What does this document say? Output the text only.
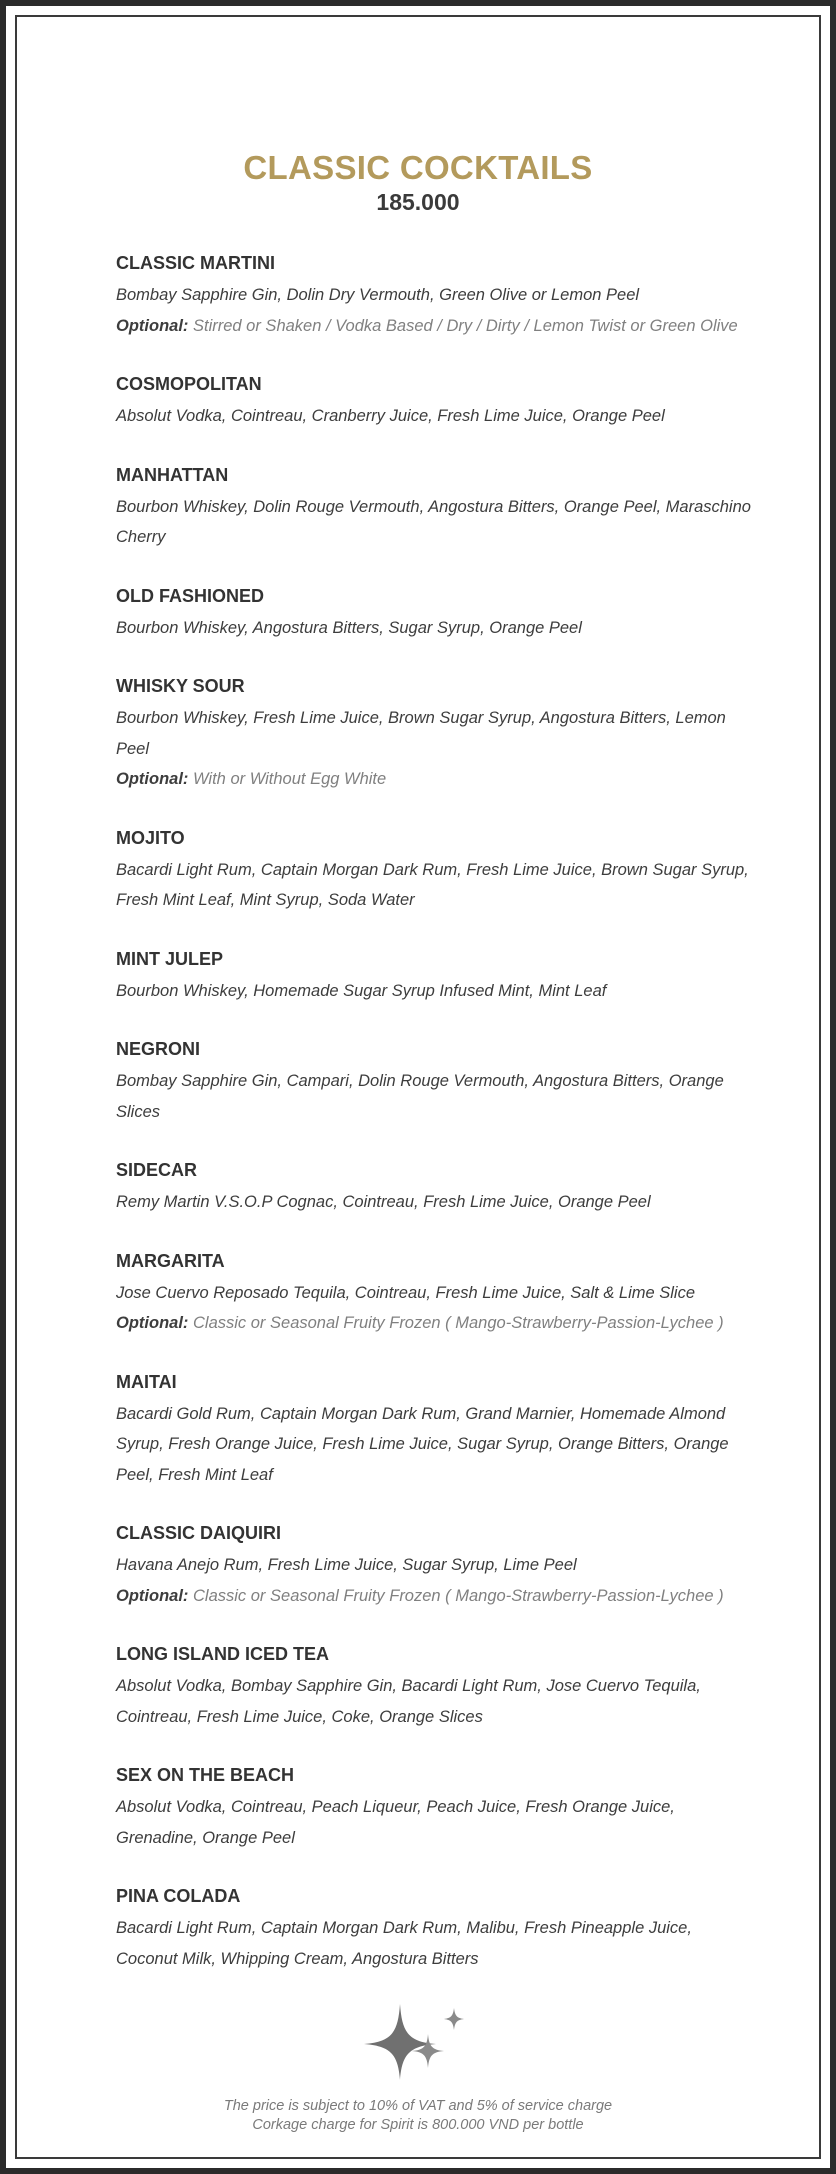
CLASSIC COCKTAILS
185.000
CLASSIC MARTINI
Bombay Sapphire Gin, Dolin Dry Vermouth, Green Olive or Lemon Peel
Optional: Stirred or Shaken / Vodka Based / Dry / Dirty / Lemon Twist or Green Olive
COSMOPOLITAN
Absolut Vodka, Cointreau, Cranberry Juice, Fresh Lime Juice, Orange Peel
MANHATTAN
Bourbon Whiskey, Dolin Rouge Vermouth, Angostura Bitters, Orange Peel, Maraschino Cherry
OLD FASHIONED
Bourbon Whiskey, Angostura Bitters, Sugar Syrup, Orange Peel
WHISKY SOUR
Bourbon Whiskey, Fresh Lime Juice, Brown Sugar Syrup, Angostura Bitters, Lemon Peel
Optional: With or Without Egg White
MOJITO
Bacardi Light Rum, Captain Morgan Dark Rum, Fresh Lime Juice, Brown Sugar Syrup, Fresh Mint Leaf, Mint Syrup, Soda Water
MINT JULEP
Bourbon Whiskey, Homemade Sugar Syrup Infused Mint, Mint Leaf
NEGRONI
Bombay Sapphire Gin, Campari, Dolin Rouge Vermouth, Angostura Bitters, Orange Slices
SIDECAR
Remy Martin V.S.O.P Cognac, Cointreau, Fresh Lime Juice, Orange Peel
MARGARITA
Jose Cuervo Reposado Tequila, Cointreau, Fresh Lime Juice, Salt & Lime Slice
Optional: Classic or Seasonal Fruity Frozen ( Mango-Strawberry-Passion-Lychee )
MAITAI
Bacardi Gold Rum, Captain Morgan Dark Rum, Grand Marnier, Homemade Almond Syrup, Fresh Orange Juice, Fresh Lime Juice, Sugar Syrup, Orange Bitters, Orange Peel, Fresh Mint Leaf
CLASSIC DAIQUIRI
Havana Anejo Rum, Fresh Lime Juice, Sugar Syrup, Lime Peel
Optional: Classic or Seasonal Fruity Frozen ( Mango-Strawberry-Passion-Lychee )
LONG ISLAND ICED TEA
Absolut Vodka, Bombay Sapphire Gin, Bacardi Light Rum, Jose Cuervo Tequila, Cointreau, Fresh Lime Juice, Coke, Orange Slices
SEX ON THE BEACH
Absolut Vodka, Cointreau, Peach Liqueur, Peach Juice, Fresh Orange Juice, Grenadine, Orange Peel
PINA COLADA
Bacardi Light Rum, Captain Morgan Dark Rum, Malibu, Fresh Pineapple Juice, Coconut Milk, Whipping Cream, Angostura Bitters
The price is subject to 10% of VAT and 5% of service charge
Corkage charge for Spirit is 800.000 VND per bottle
